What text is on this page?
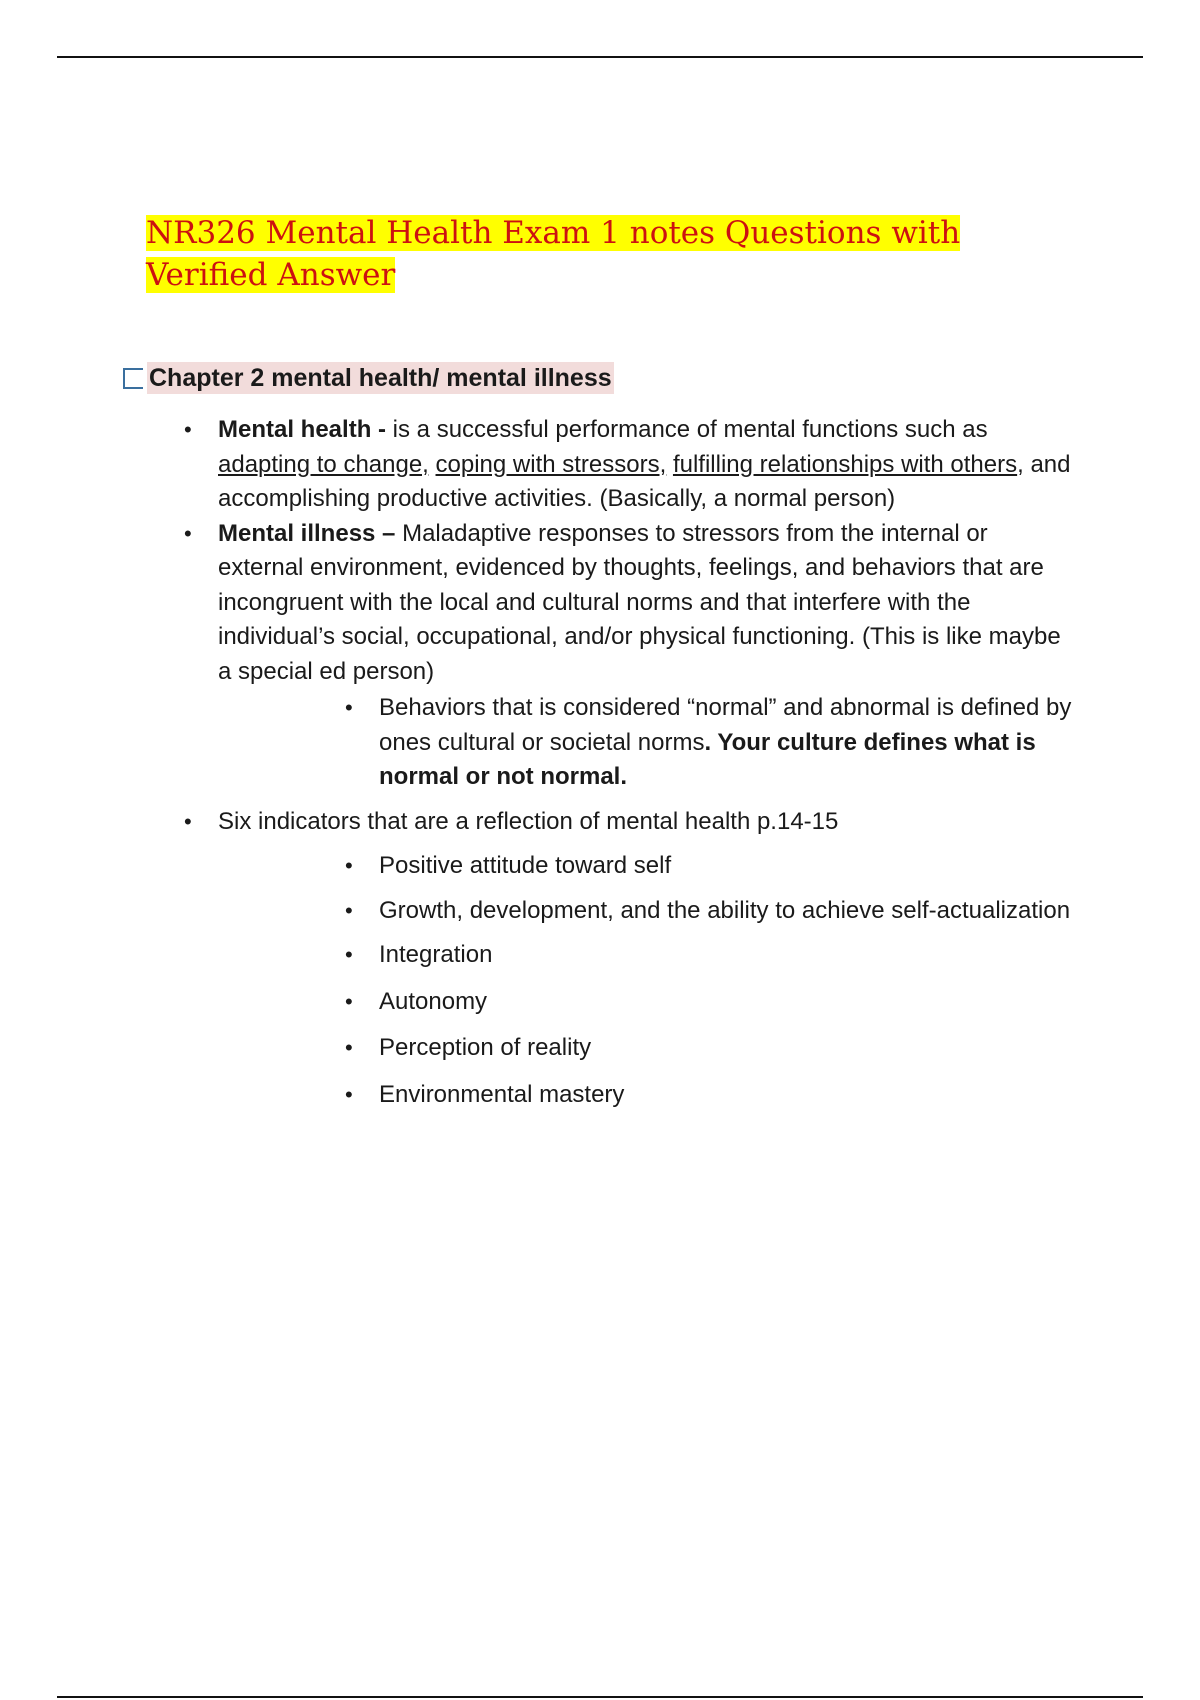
NR326 Mental Health Exam 1 notes Questions with Verified Answer
Chapter 2 mental health/ mental illness
• Mental health - is a successful performance of mental functions such as adapting to change, coping with stressors, fulfilling relationships with others, and accomplishing productive activities. (Basically, a normal person)
• Mental illness – Maladaptive responses to stressors from the internal or external environment, evidenced by thoughts, feelings, and behaviors that are incongruent with the local and cultural norms and that interfere with the individual’s social, occupational, and/or physical functioning. (This is like maybe a special ed person)
• Behaviors that is considered “normal” and abnormal is defined by ones cultural or societal norms. Your culture defines what is normal or not normal.
• Six indicators that are a reflection of mental health p.14-15
• Positive attitude toward self
• Growth, development, and the ability to achieve self-actualization
• Integration
• Autonomy
• Perception of reality
• Environmental mastery
